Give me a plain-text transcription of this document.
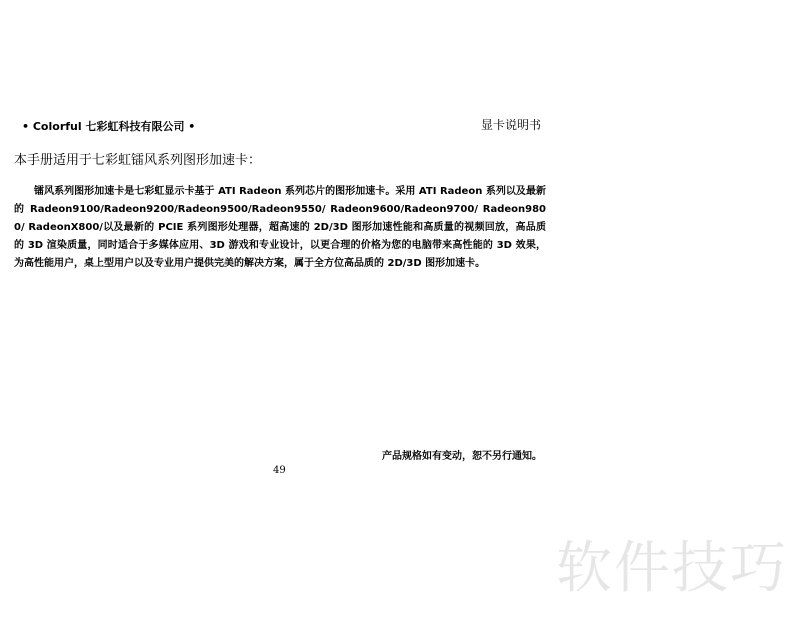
• Colorful 七彩虹科技有限公司 •	显卡说明书
本手册适用于七彩虹镭风系列图形加速卡：

镭风系列图形加速卡是七彩虹显示卡基于 ATI Radeon 系列芯片的图形加速卡。采用 ATI Radeon 系列以及最新的 Radeon9100/Radeon9200/Radeon9500/Radeon9550/ Radeon9600/Radeon9700/ Radeon9800/ RadeonX800/以及最新的 PCIE 系列图形处理器，超高速的 2D/3D 图形加速性能和高质量的视频回放，高品质的 3D 渲染质量，同时适合于多媒体应用、3D 游戏和专业设计，以更合理的价格为您的电脑带来高性能的 3D 效果，为高性能用户，桌上型用户以及专业用户提供完美的解决方案，属于全方位高品质的 2D/3D 图形加速卡。

产品规格如有变动，恕不另行通知。
49
软件技巧
